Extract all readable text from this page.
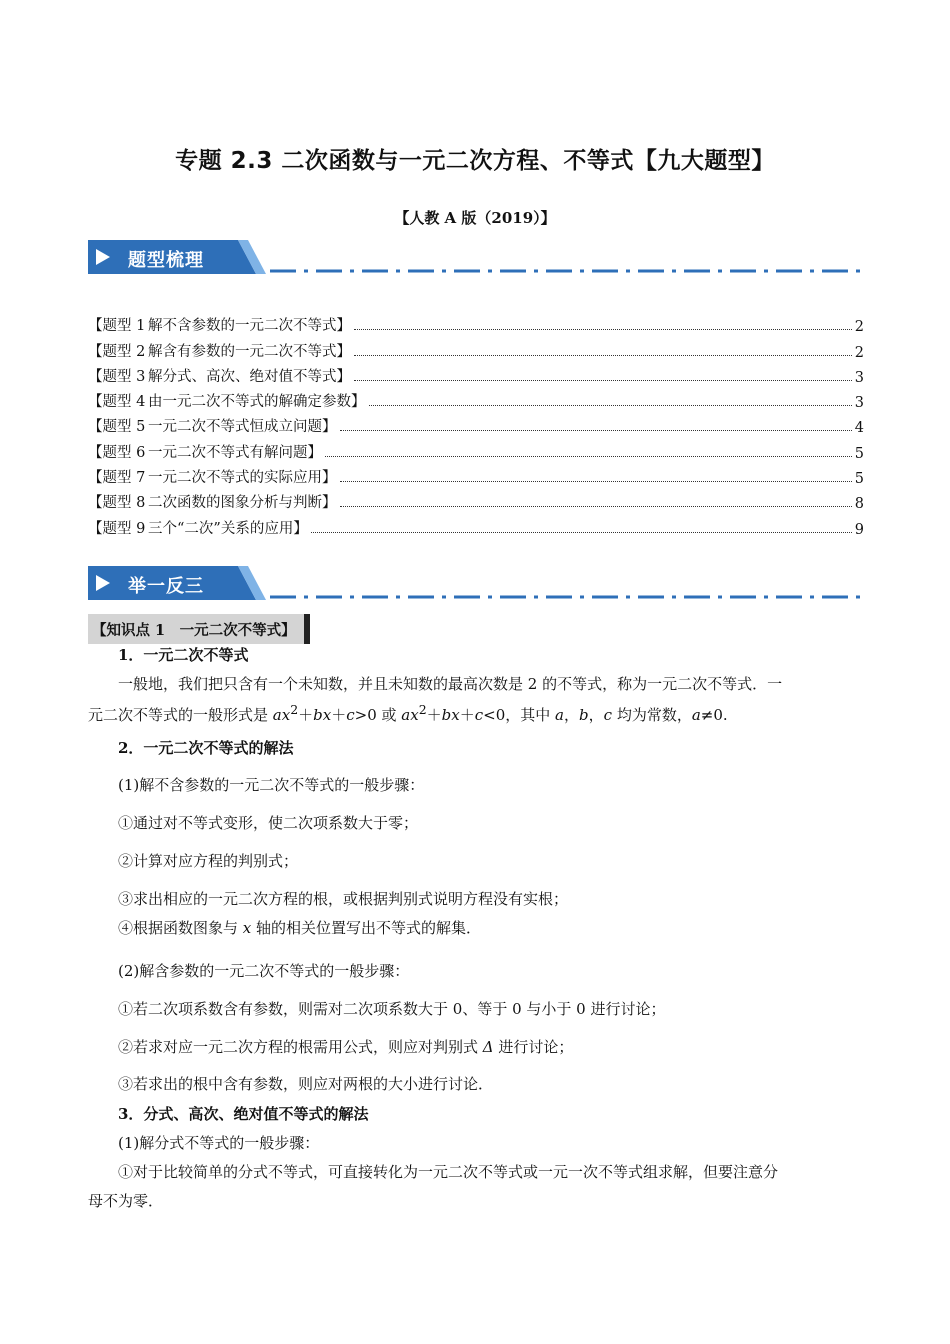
专题 2.3 二次函数与一元二次方程、不等式【九大题型】
【人教 A 版（2019）】
题型梳理
【题型 1 解不含参数的一元二次不等式】	2
【题型 2 解含有参数的一元二次不等式】	2
【题型 3 解分式、高次、绝对值不等式】	3
【题型 4 由一元二次不等式的解确定参数】	3
【题型 5 一元二次不等式恒成立问题】	4
【题型 6 一元二次不等式有解问题】	5
【题型 7 一元二次不等式的实际应用】	5
【题型 8 二次函数的图象分析与判断】	8
【题型 9 三个“二次”关系的应用】	9
举一反三
【知识点 1　一元二次不等式】
1．一元二次不等式
一般地，我们把只含有一个未知数，并且未知数的最高次数是 2 的不等式，称为一元二次不等式．一
元二次不等式的一般形式是 $ax^2+bx+c>0$ 或 $ax^2+bx+c<0$，其中 a，b，c 均为常数，a≠0.
2．一元二次不等式的解法
(1)解不含参数的一元二次不等式的一般步骤：
①通过对不等式变形，使二次项系数大于零；
②计算对应方程的判别式；
③求出相应的一元二次方程的根，或根据判别式说明方程没有实根；
④根据函数图象与 x 轴的相关位置写出不等式的解集．
(2)解含参数的一元二次不等式的一般步骤：
①若二次项系数含有参数，则需对二次项系数大于 0、等于 0 与小于 0 进行讨论；
②若求对应一元二次方程的根需用公式，则应对判别式 Δ 进行讨论；
③若求出的根中含有参数，则应对两根的大小进行讨论．
3．分式、高次、绝对值不等式的解法
(1)解分式不等式的一般步骤：
①对于比较简单的分式不等式，可直接转化为一元二次不等式或一元一次不等式组求解，但要注意分
母不为零．
